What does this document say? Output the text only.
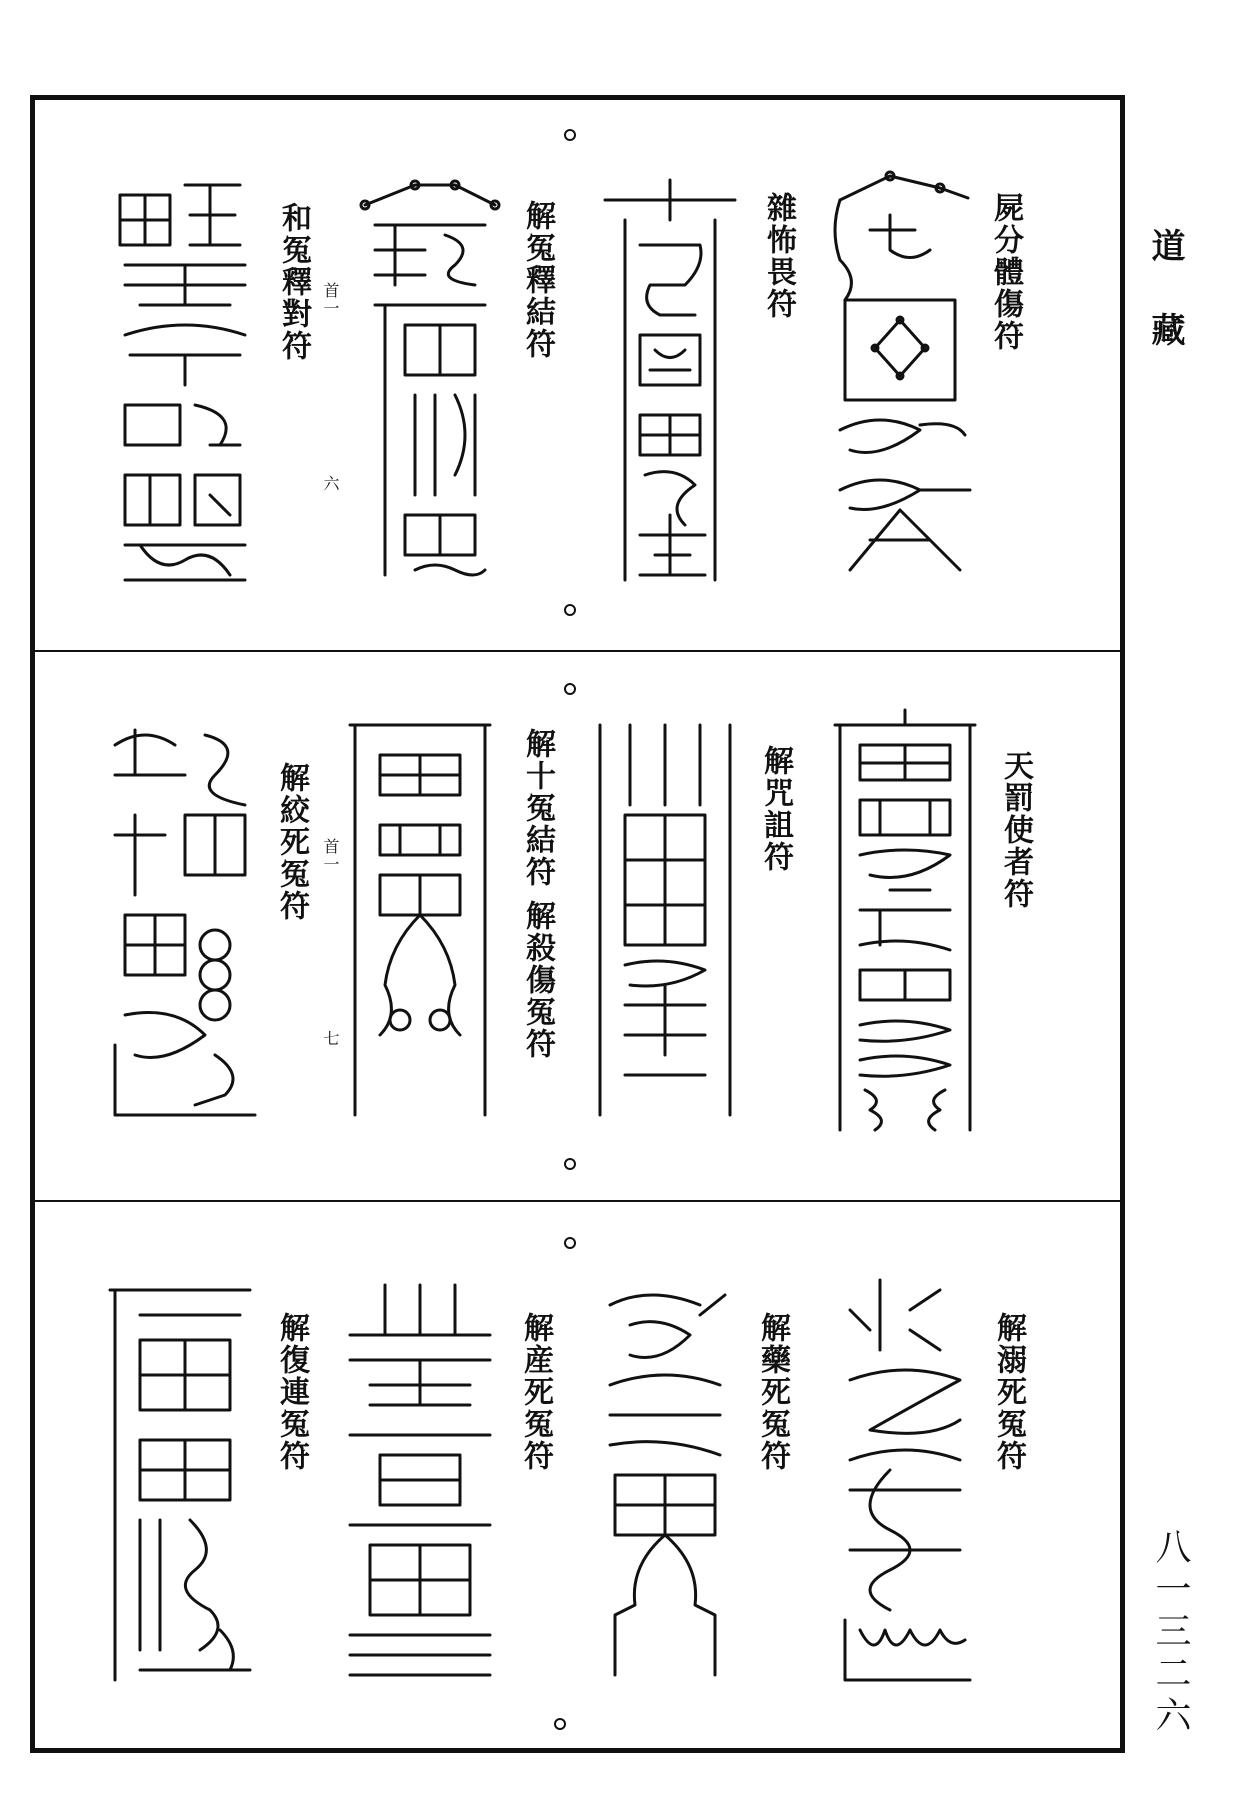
道藏
八一三二六
屍分體傷符
雜怖畏符
解冤釋結符
和冤釋對符 首一
六
天罰使者符
解咒詛符
解十冤結符
解殺傷冤符
解絞死冤符 首一
七
解溺死冤符
解藥死冤符
解産死冤符
解復連冤符
